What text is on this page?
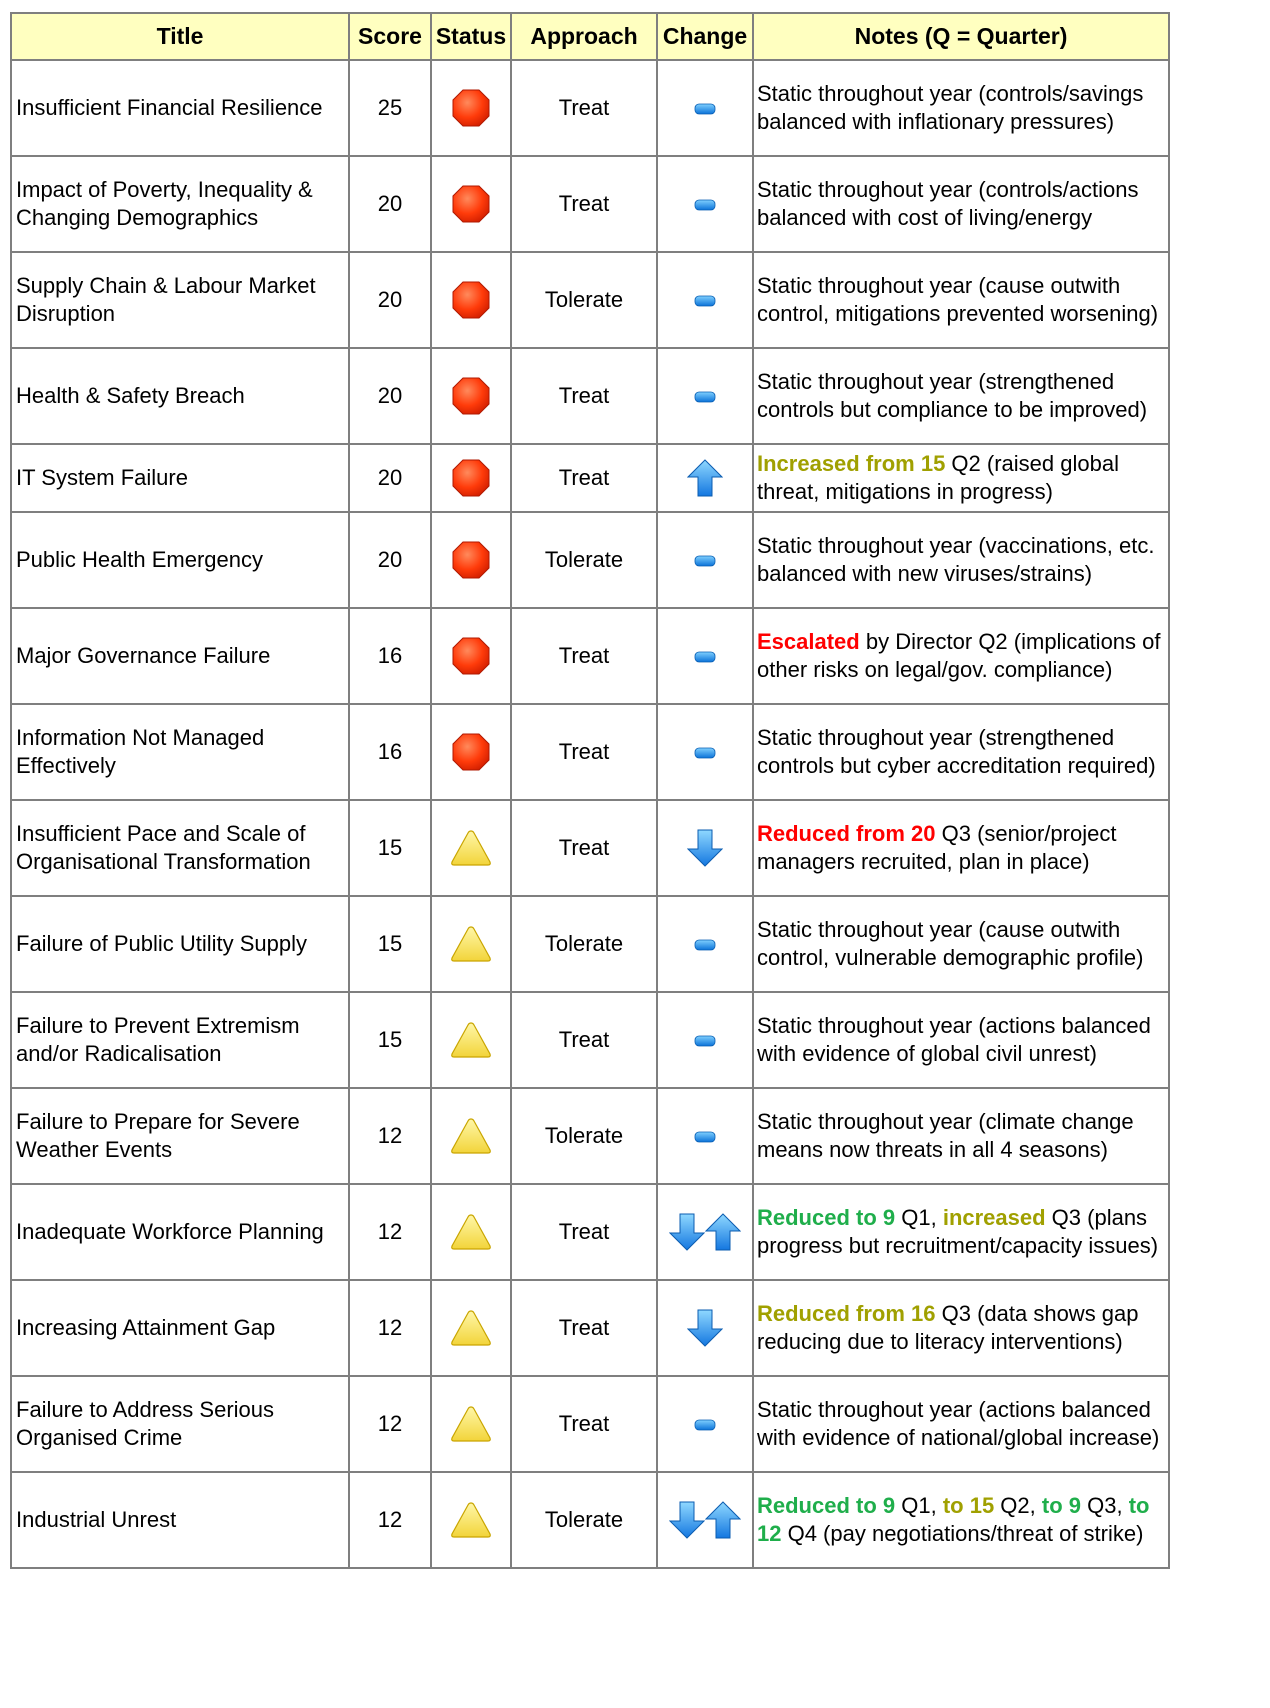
Title	Score	Status	Approach	Change	Notes (Q = Quarter)
Insufficient Financial Resilience	25		Treat		Static throughout year (controls/savings balanced with inflationary pressures)
Impact of Poverty, Inequality & Changing Demographics	20		Treat		Static throughout year (controls/actions balanced with cost of living/energy
Supply Chain & Labour Market Disruption	20		Tolerate		Static throughout year (cause outwith control, mitigations prevented worsening)
Health & Safety Breach	20		Treat		Static throughout year (strengthened controls but compliance to be improved)
IT System Failure	20		Treat		Increased from 15 Q2 (raised global threat, mitigations in progress)
Public Health Emergency	20		Tolerate		Static throughout year (vaccinations, etc. balanced with new viruses/strains)
Major Governance Failure	16		Treat		Escalated by Director Q2 (implications of other risks on legal/gov. compliance)
Information Not Managed Effectively	16		Treat		Static throughout year (strengthened controls but cyber accreditation required)
Insufficient Pace and Scale of Organisational Transformation	15		Treat		Reduced from 20 Q3 (senior/project managers recruited, plan in place)
Failure of Public Utility Supply	15		Tolerate		Static throughout year (cause outwith control, vulnerable demographic profile)
Failure to Prevent Extremism and/or Radicalisation	15		Treat		Static throughout year (actions balanced with evidence of global civil unrest)
Failure to Prepare for Severe Weather Events	12		Tolerate		Static throughout year (climate change means now threats in all 4 seasons)
Inadequate Workforce Planning	12		Treat		Reduced to 9 Q1, increased Q3 (plans progress but recruitment/capacity issues)
Increasing Attainment Gap	12		Treat		Reduced from 16 Q3 (data shows gap reducing due to literacy interventions)
Failure to Address Serious Organised Crime	12		Treat		Static throughout year (actions balanced with evidence of national/global increase)
Industrial Unrest	12		Tolerate		Reduced to 9 Q1, to 15 Q2, to 9 Q3, to 12 Q4 (pay negotiations/threat of strike)
